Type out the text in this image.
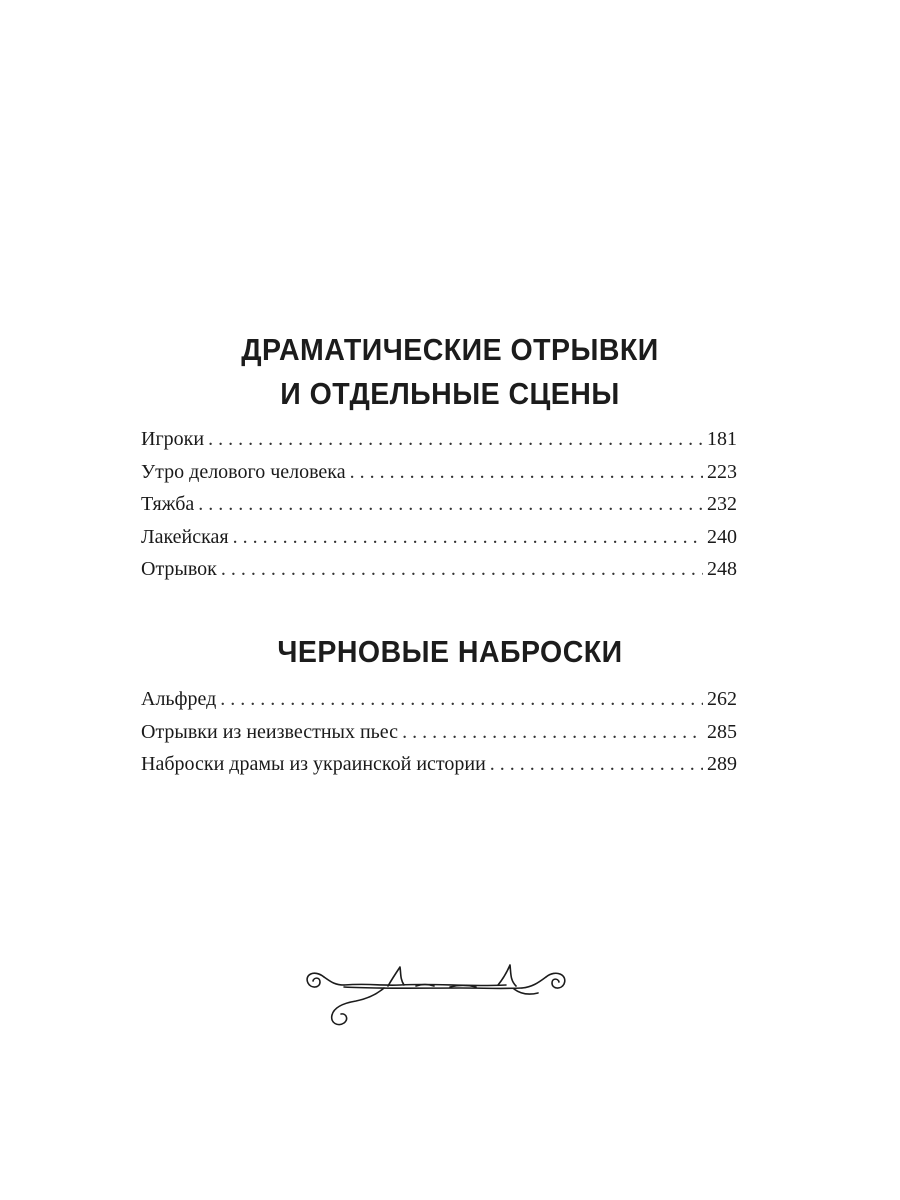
ДРАМАТИЧЕСКИЕ ОТРЫВКИ
И ОТДЕЛЬНЫЕ СЦЕНЫ
Игроки . . .	181
Утро делового человека . . .	223
Тяжба . . .	232
Лакейская . . .	240
Отрывок . . .	248
ЧЕРНОВЫЕ НАБРОСКИ
Альфред . . .	262
Отрывки из неизвестных пьес . . .	285
Наброски драмы из украинской истории . . .	289
